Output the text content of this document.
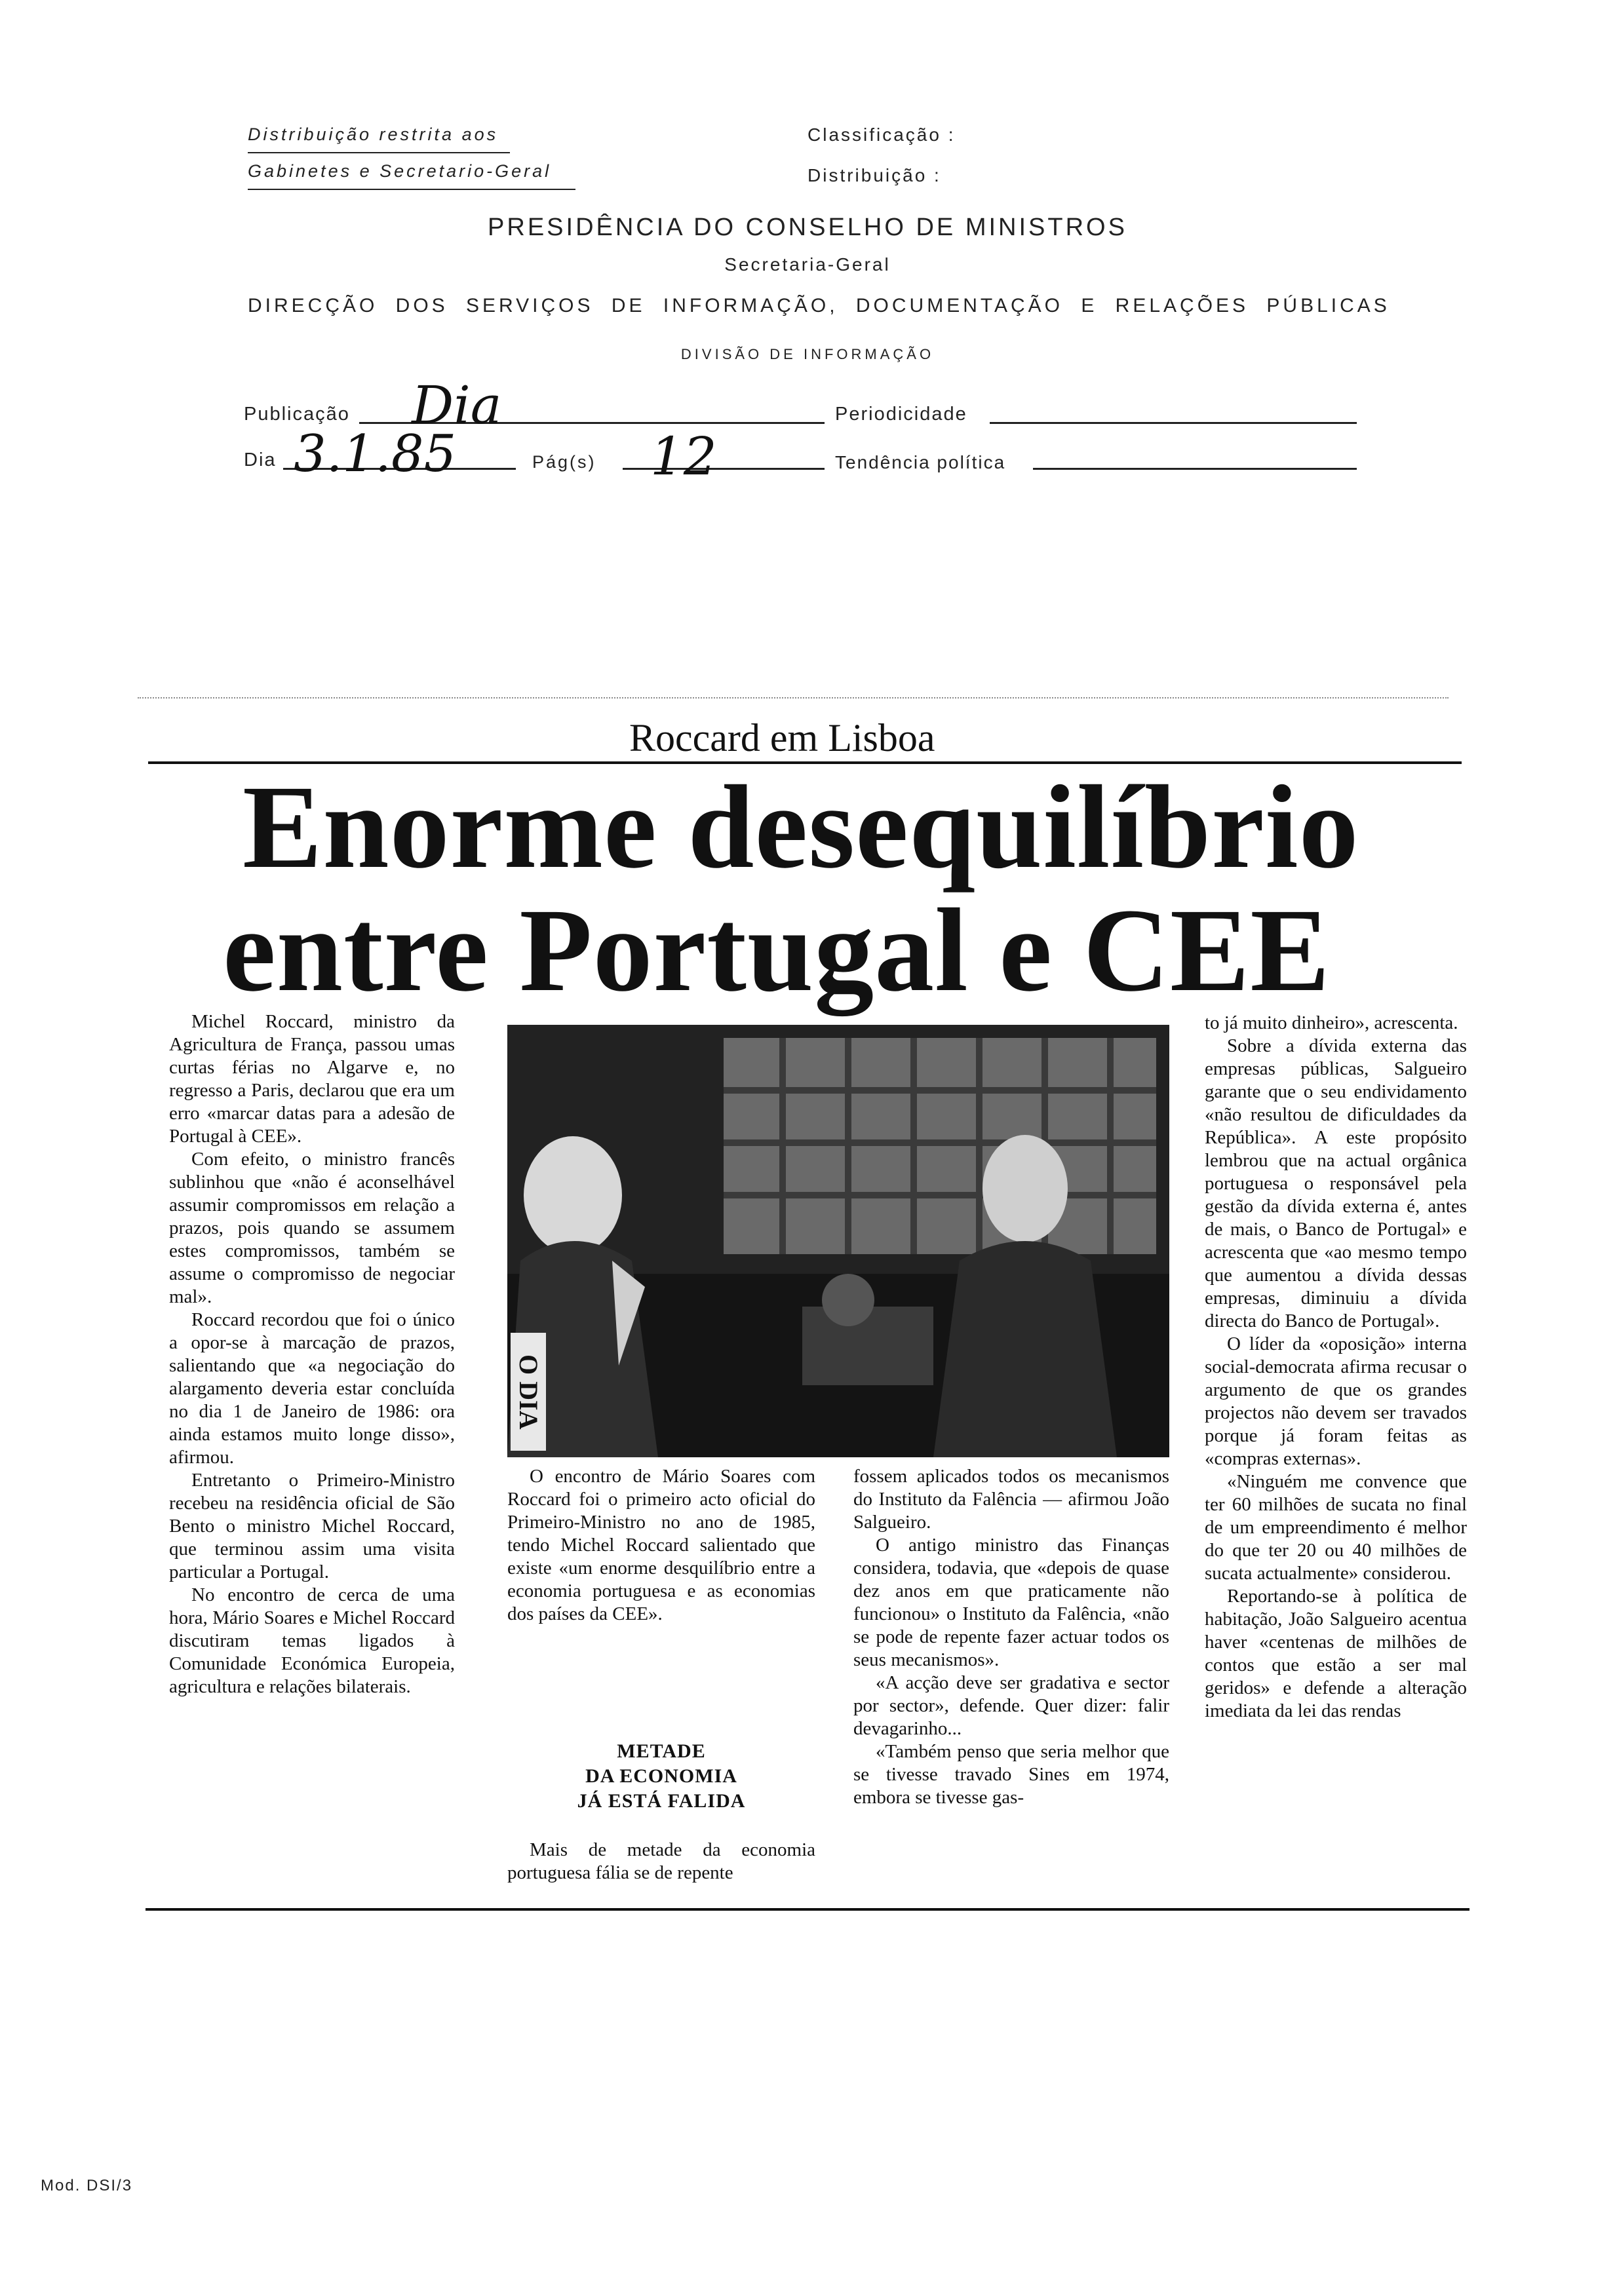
Distribuição restrita aos
Gabinetes e Secretario-Geral
Classificação :
Distribuição :
PRESIDÊNCIA DO CONSELHO DE MINISTROS
Secretaria-Geral
DIRECÇÃO DOS SERVIÇOS DE INFORMAÇÃO, DOCUMENTAÇÃO E RELAÇÕES PÚBLICAS
DIVISÃO DE INFORMAÇÃO
Publicação Dia	Periodicidade
Dia 3.1.85	Pág(s) 12	Tendência política
Roccard em Lisboa
Enorme desequilíbrio
entre Portugal e CEE

Michel Roccard, ministro da Agricultura de França, passou umas curtas férias no Algarve e, no regresso a Paris, declarou que era um erro «marcar datas para a adesão de Portugal à CEE».

Com efeito, o ministro francês sublinhou que «não é aconselhável assumir compromissos em relação a prazos, pois quando se assumem estes compromissos, também se assume o compromisso de negociar mal».

Roccard recordou que foi o único a opor-se à marcação de prazos, salientando que «a negociação do alargamento deveria estar concluída no dia 1 de Janeiro de 1986: ora ainda estamos muito longe disso», afirmou.

Entretanto o Primeiro-Ministro recebeu na residência oficial de São Bento o ministro Michel Roccard, que terminou assim uma visita particular a Portugal.

No encontro de cerca de uma hora, Mário Soares e Michel Roccard discutiram temas ligados à Comunidade Económica Europeia, agricultura e relações bilaterais.

O DIA

O encontro de Mário Soares com Roccard foi o primeiro acto oficial do Primeiro-Ministro no ano de 1985, tendo Michel Roccard salientado que existe «um enorme desquilíbrio entre a economia portuguesa e as economias dos países da CEE».

METADE
DA ECONOMIA
JÁ ESTÁ FALIDA

Mais de metade da economia portuguesa fália se de repente

fossem aplicados todos os mecanismos do Instituto da Falência — afirmou João Salgueiro.

O antigo ministro das Finanças considera, todavia, que «depois de quase dez anos em que praticamente não funcionou» o Instituto da Falência, «não se pode de repente fazer actuar todos os seus mecanismos».

«A acção deve ser gradativa e sector por sector», defende. Quer dizer: falir devagarinho...

«Também penso que seria melhor que se tivesse travado Sines em 1974, embora se tivesse gas-

to já muito dinheiro», acrescenta.

Sobre a dívida externa das empresas públicas, Salgueiro garante que o seu endividamento «não resultou de dificuldades da República». A este propósito lembrou que na actual orgânica portuguesa o responsável pela gestão da dívida externa é, antes de mais, o Banco de Portugal» e acrescenta que «ao mesmo tempo que aumentou a dívida dessas empresas, diminuiu a dívida directa do Banco de Portugal».

O líder da «oposição» interna social-democrata afirma recusar o argumento de que os grandes projectos não devem ser travados porque já foram feitas as «compras externas».

«Ninguém me convence que ter 60 milhões de sucata no final de um empreendimento é melhor do que ter 20 ou 40 milhões de sucata actualmente» considerou.

Reportando-se à política de habitação, João Salgueiro acentua haver «centenas de milhões de contos que estão a ser mal geridos» e defende a alteração imediata da lei das rendas

Mod. DSI/3
